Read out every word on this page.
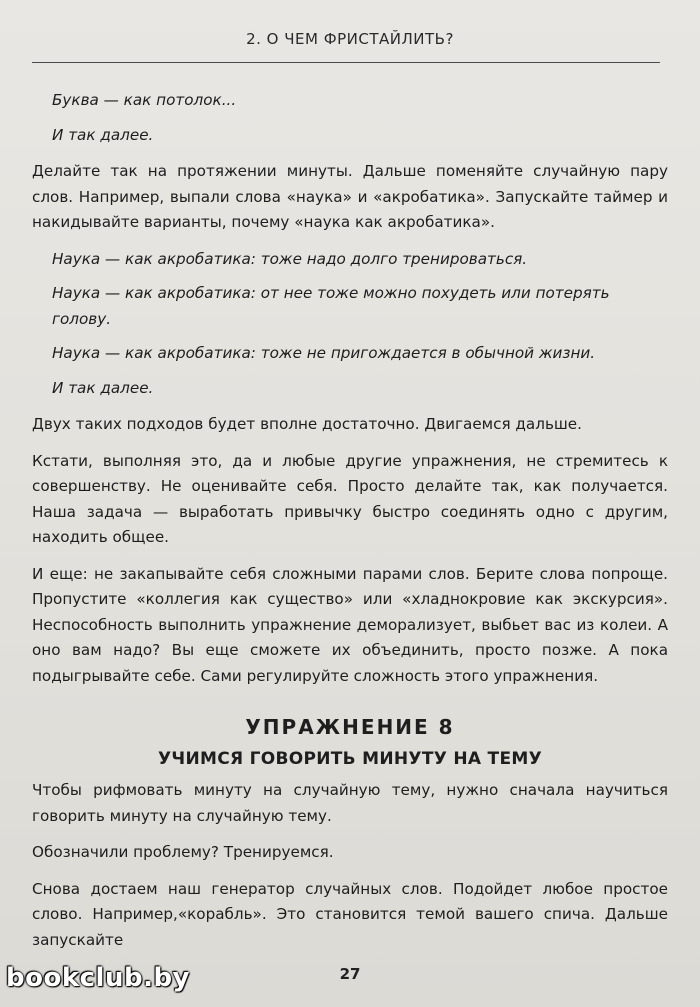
2. О ЧЕМ ФРИСТАЙЛИТЬ?

Буква — как потолок...

И так далее.

Делайте так на протяжении минуты. Дальше поменяйте случайную пару слов. Например, выпали слова «наука» и «акробатика». Запускайте таймер и накидывайте варианты, почему «наука как акробатика».

Наука — как акробатика: тоже надо долго тренироваться.

Наука — как акробатика: от нее тоже можно похудеть или потерять голову.

Наука — как акробатика: тоже не пригождается в обычной жизни.

И так далее.

Двух таких подходов будет вполне достаточно. Двигаемся дальше.

Кстати, выполняя это, да и любые другие упражнения, не стремитесь к совершенству. Не оценивайте себя. Просто делайте так, как получается. Наша задача — выработать привычку быстро соединять одно с другим, находить общее.

И еще: не закапывайте себя сложными парами слов. Берите слова попроще. Пропустите «коллегия как существо» или «хладнокровие как экскурсия». Неспособность выполнить упражнение деморализует, выбьет вас из колеи. А оно вам надо? Вы еще сможете их объединить, просто позже. А пока подыгрывайте себе. Сами регулируйте сложность этого упражнения.

УПРАЖНЕНИЕ 8
УЧИМСЯ ГОВОРИТЬ МИНУТУ НА ТЕМУ

Чтобы рифмовать минуту на случайную тему, нужно сначала научиться говорить минуту на случайную тему.

Обозначили проблему? Тренируемся.

Снова достаем наш генератор случайных слов. Подойдет любое простое слово. Например,«корабль». Это становится темой вашего спича. Дальше запускайте

27
bookclub.by
